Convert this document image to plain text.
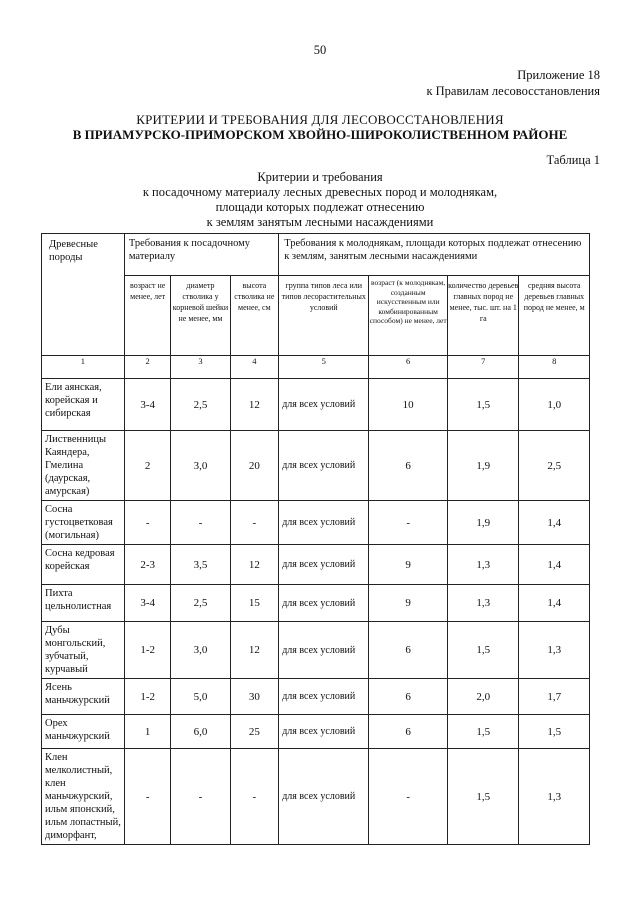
50
Приложение 18
к Правилам лесовосстановления
КРИТЕРИИ И ТРЕБОВАНИЯ ДЛЯ ЛЕСОВОССТАНОВЛЕНИЯ
В ПРИАМУРСКО-ПРИМОРСКОМ ХВОЙНО-ШИРОКОЛИСТВЕННОМ РАЙОНЕ
Таблица 1
Критерии и требования
к посадочному материалу лесных древесных пород и молоднякам,
площади которых подлежат отнесению
к землям занятым лесными насаждениями
Древесные породы	Требования к посадочному материалу			Требования к молоднякам, площади которых подлежат отнесению к землям, занятым лесными насаждениями			
	возраст не менее, лет	диаметр стволика у корневой шейки не менее, мм	высота стволика не менее, см	группа типов леса или типов лесорастительных условий	возраст (к молоднякам, созданным искусственным или комбинированным способом) не менее, лет	количество деревьев главных пород не менее, тыс. шт. на 1 га	средняя высота деревьев главных пород не менее, м
1	2	3	4	5	6	7	8
Ели аянская, корейская и сибирская	3-4	2,5	12	для всех условий	10	1,5	1,0
Лиственницы Каяндера, Гмелина (даурская, амурская)	2	3,0	20	для всех условий	6	1,9	2,5
Сосна густоцветковая (могильная)	-	-	-	для всех условий	-	1,9	1,4
Сосна кедровая корейская	2-3	3,5	12	для всех условий	9	1,3	1,4
Пихта цельнолистная	3-4	2,5	15	для всех условий	9	1,3	1,4
Дубы монгольский, зубчатый, курчавый	1-2	3,0	12	для всех условий	6	1,5	1,3
Ясень маньчжурский	1-2	5,0	30	для всех условий	6	2,0	1,7
Орех маньчжурский	1	6,0	25	для всех условий	6	1,5	1,5
Клен мелколистный, клен маньчжурский, ильм японский, ильм лопастный, диморфант,	-	-	-	для всех условий	-	1,5	1,3
